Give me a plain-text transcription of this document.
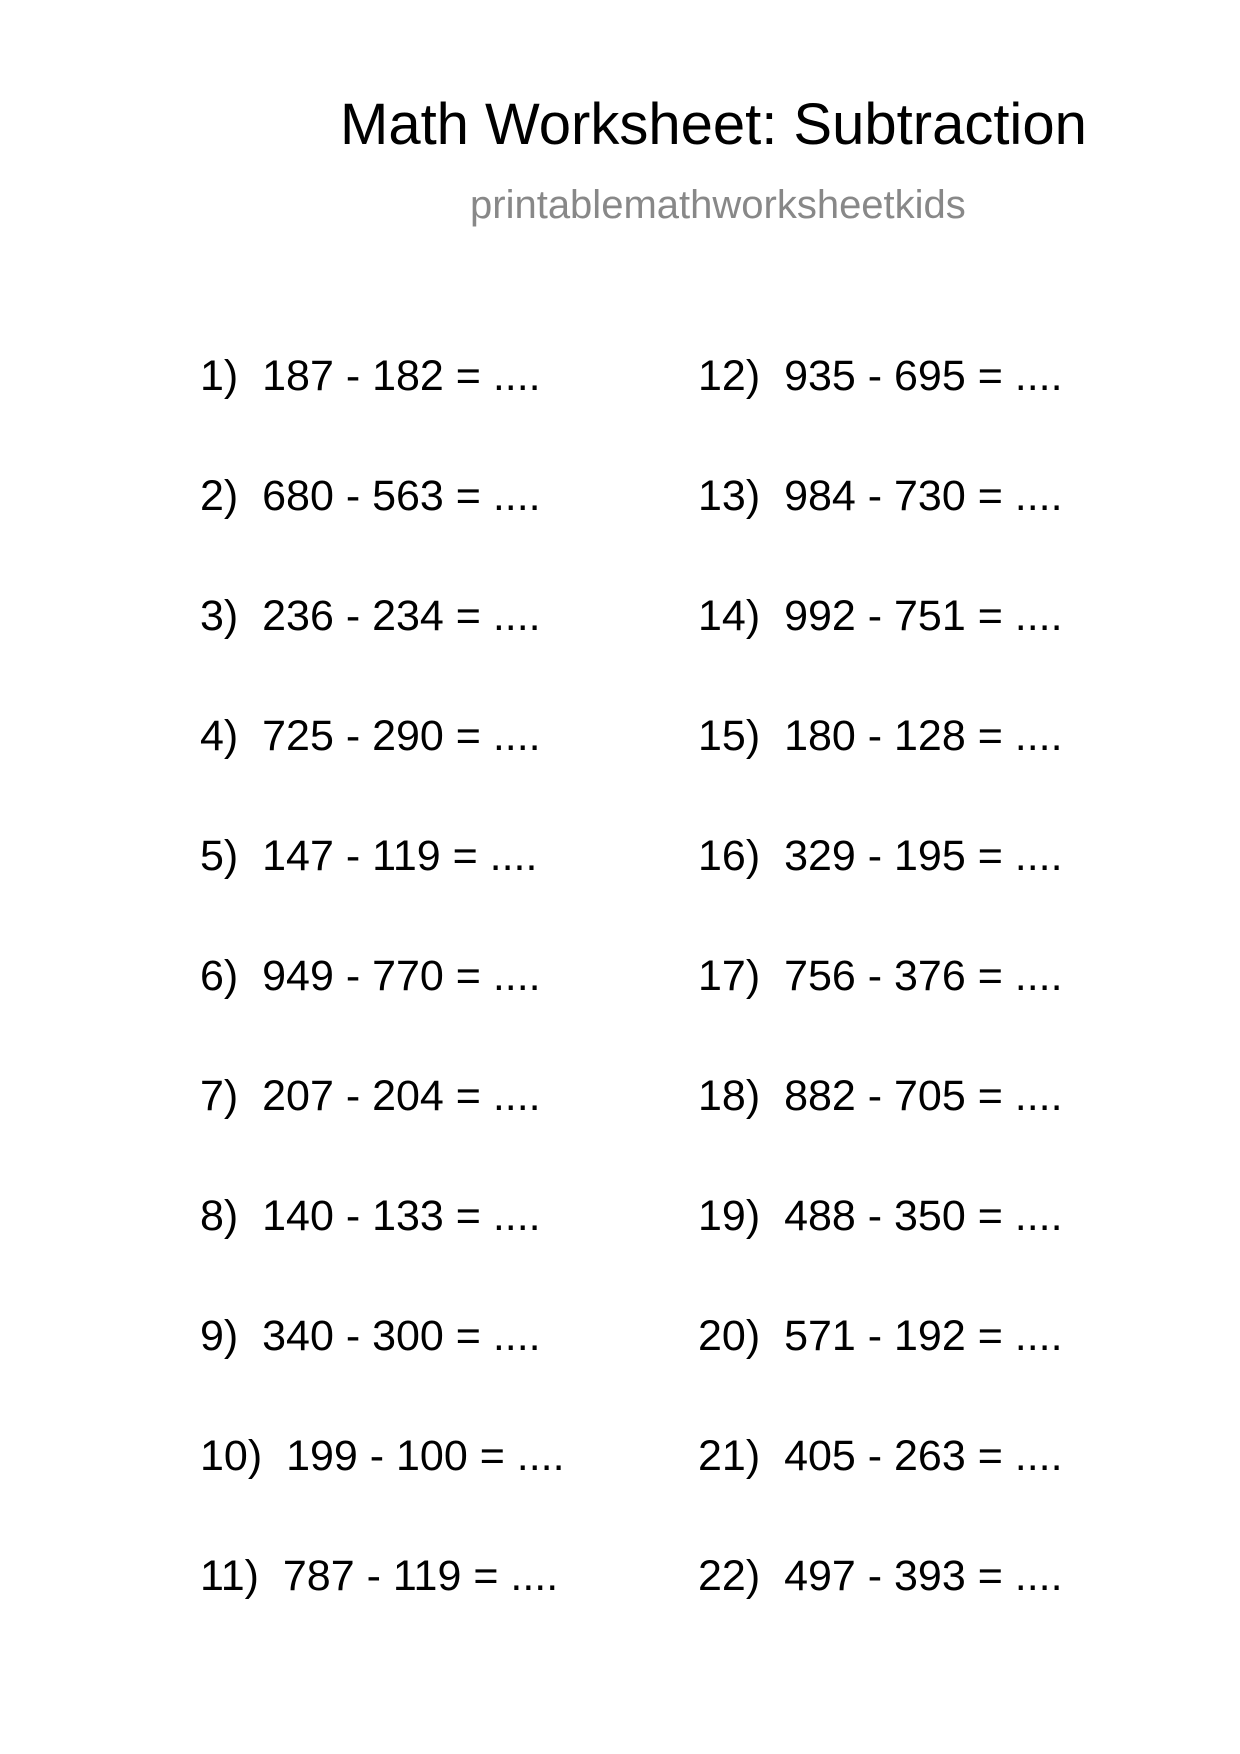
Math Worksheet: Subtraction
printablemathworksheetkids
1) 187 - 182 = ....
2) 680 - 563 = ....
3) 236 - 234 = ....
4) 725 - 290 = ....
5) 147 - 119 = ....
6) 949 - 770 = ....
7) 207 - 204 = ....
8) 140 - 133 = ....
9) 340 - 300 = ....
10) 199 - 100 = ....
11) 787 - 119 = ....
12) 935 - 695 = ....
13) 984 - 730 = ....
14) 992 - 751 = ....
15) 180 - 128 = ....
16) 329 - 195 = ....
17) 756 - 376 = ....
18) 882 - 705 = ....
19) 488 - 350 = ....
20) 571 - 192 = ....
21) 405 - 263 = ....
22) 497 - 393 = ....
